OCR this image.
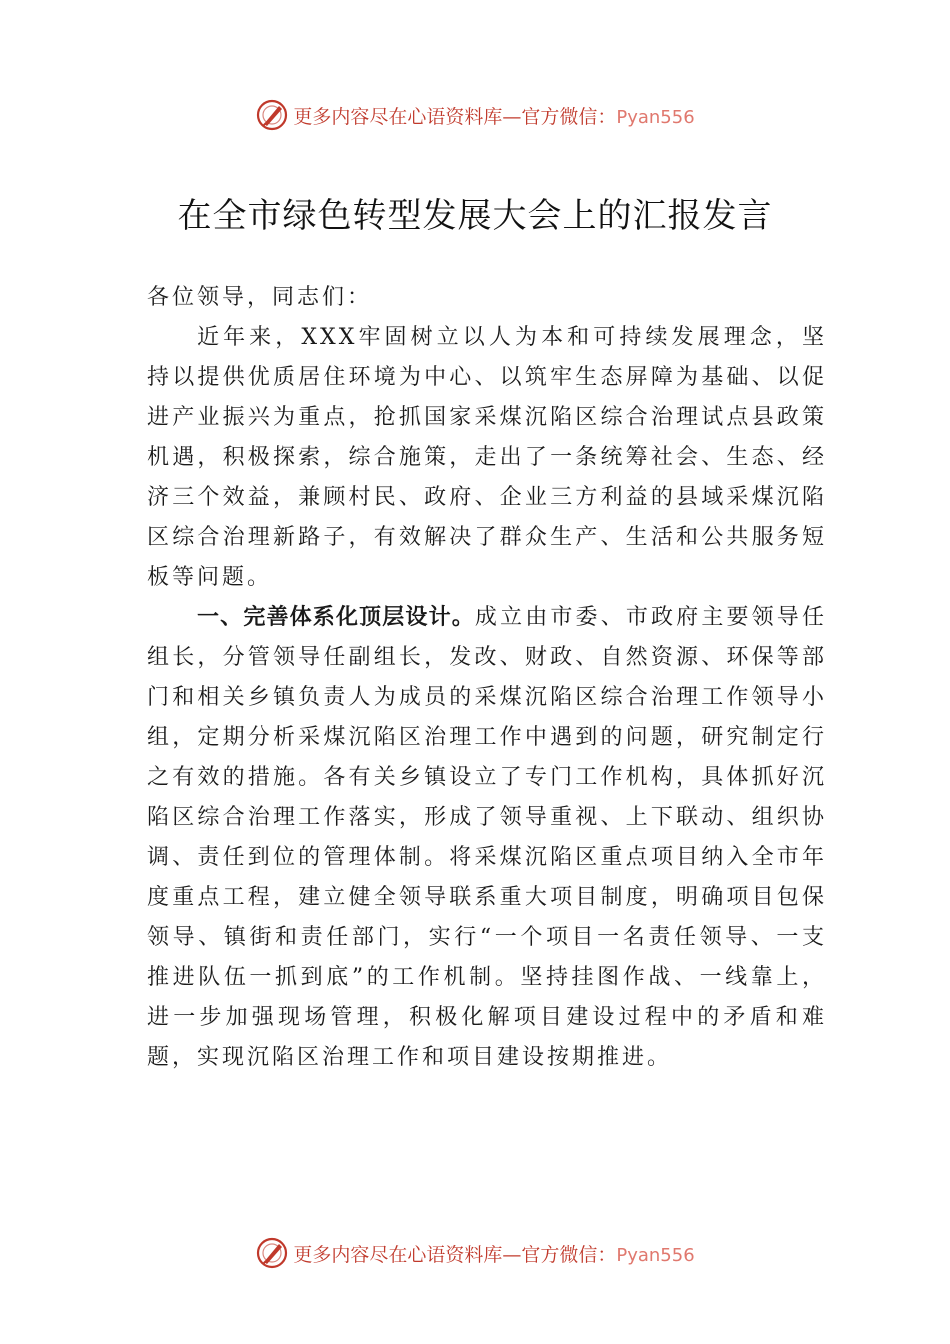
更多内容尽在心语资料库—官方微信：Pyan556
在全市绿色转型发展大会上的汇报发言

各位领导，同志们：

近年来，XXX牢固树立以人为本和可持续发展理念，坚持以提供优质居住环境为中心、以筑牢生态屏障为基础、以促进产业振兴为重点，抢抓国家采煤沉陷区综合治理试点县政策机遇，积极探索，综合施策，走出了一条统筹社会、生态、经济三个效益，兼顾村民、政府、企业三方利益的县域采煤沉陷区综合治理新路子，有效解决了群众生产、生活和公共服务短板等问题。

一、完善体系化顶层设计。成立由市委、市政府主要领导任组长，分管领导任副组长，发改、财政、自然资源、环保等部门和相关乡镇负责人为成员的采煤沉陷区综合治理工作领导小组，定期分析采煤沉陷区治理工作中遇到的问题，研究制定行之有效的措施。各有关乡镇设立了专门工作机构，具体抓好沉陷区综合治理工作落实，形成了领导重视、上下联动、组织协调、责任到位的管理体制。将采煤沉陷区重点项目纳入全市年度重点工程，建立健全领导联系重大项目制度，明确项目包保领导、镇街和责任部门，实行“一个项目一名责任领导、一支推进队伍一抓到底”的工作机制。坚持挂图作战、一线靠上，进一步加强现场管理，积极化解项目建设过程中的矛盾和难题，实现沉陷区治理工作和项目建设按期推进。

更多内容尽在心语资料库—官方微信：Pyan556
